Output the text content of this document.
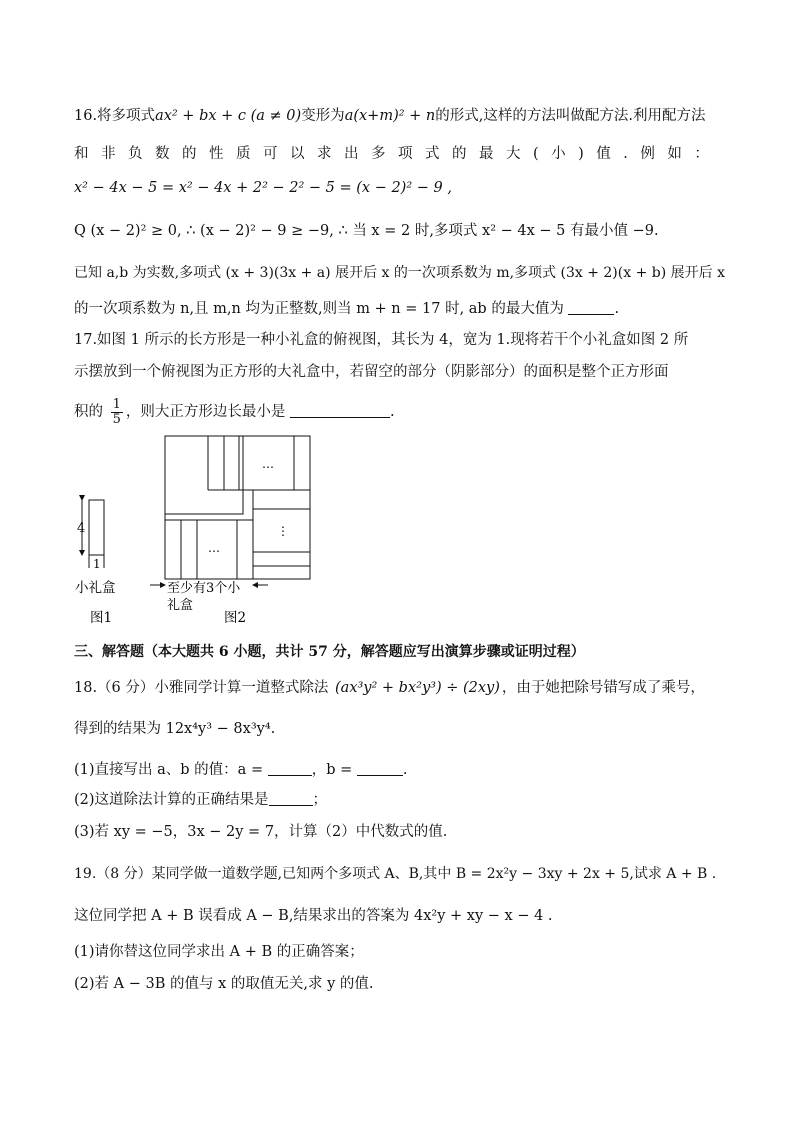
16.将多项式ax² + bx + c (a ≠ 0)变形为a(x+m)² + n的形式,这样的方法叫做配方法.利用配方法
和非负数的性质可以求出多项式的最大(小)值.例如：
x² − 4x − 5 = x² − 4x + 2² − 2² − 5 = (x − 2)² − 9 ,
Q (x − 2)² ≥ 0, ∴ (x − 2)² − 9 ≥ −9, ∴ 当 x = 2 时,多项式 x² − 4x − 5 有最小值 −9.
已知 a,b 为实数,多项式 (x + 3)(3x + a) 展开后 x 的一次项系数为 m,多项式 (3x + 2)(x + b) 展开后 x
的一次项系数为 n,且 m,n 均为正整数,则当 m + n = 17 时, ab 的最大值为	.
17.如图 1 所示的长方形是一种小礼盒的俯视图，其长为 4，宽为 1.现将若干个小礼盒如图 2 所
示摆放到一个俯视图为正方形的大礼盒中，若留空的部分（阴影部分）的面积是整个正方形面
积的 $\frac{1}{5}$ ，则大正方形边长最小是	.
4
1
小礼盒
图1
…
⋮
…
至少有3个小
礼盒
图2
三、解答题（本大题共 6 小题，共计 57 分，解答题应写出演算步骤或证明过程）
18.（6 分）小雅同学计算一道整式除法 (ax³y² + bx²y³) ÷ (2xy) ，由于她把除号错写成了乘号，
得到的结果为 12x⁴y³ − 8x³y⁴.
(1)直接写出 a、b 的值：a =	，b =	.
(2)这道除法计算的正确结果是	；
(3)若 xy = −5，3x − 2y = 7，计算（2）中代数式的值.
19.（8 分）某同学做一道数学题,已知两个多项式 A、B,其中 B = 2x²y − 3xy + 2x + 5,试求 A + B .
这位同学把 A + B 误看成 A − B,结果求出的答案为 4x²y + xy − x − 4 .
(1)请你替这位同学求出 A + B 的正确答案；
(2)若 A − 3B 的值与 x 的取值无关,求 y 的值.
